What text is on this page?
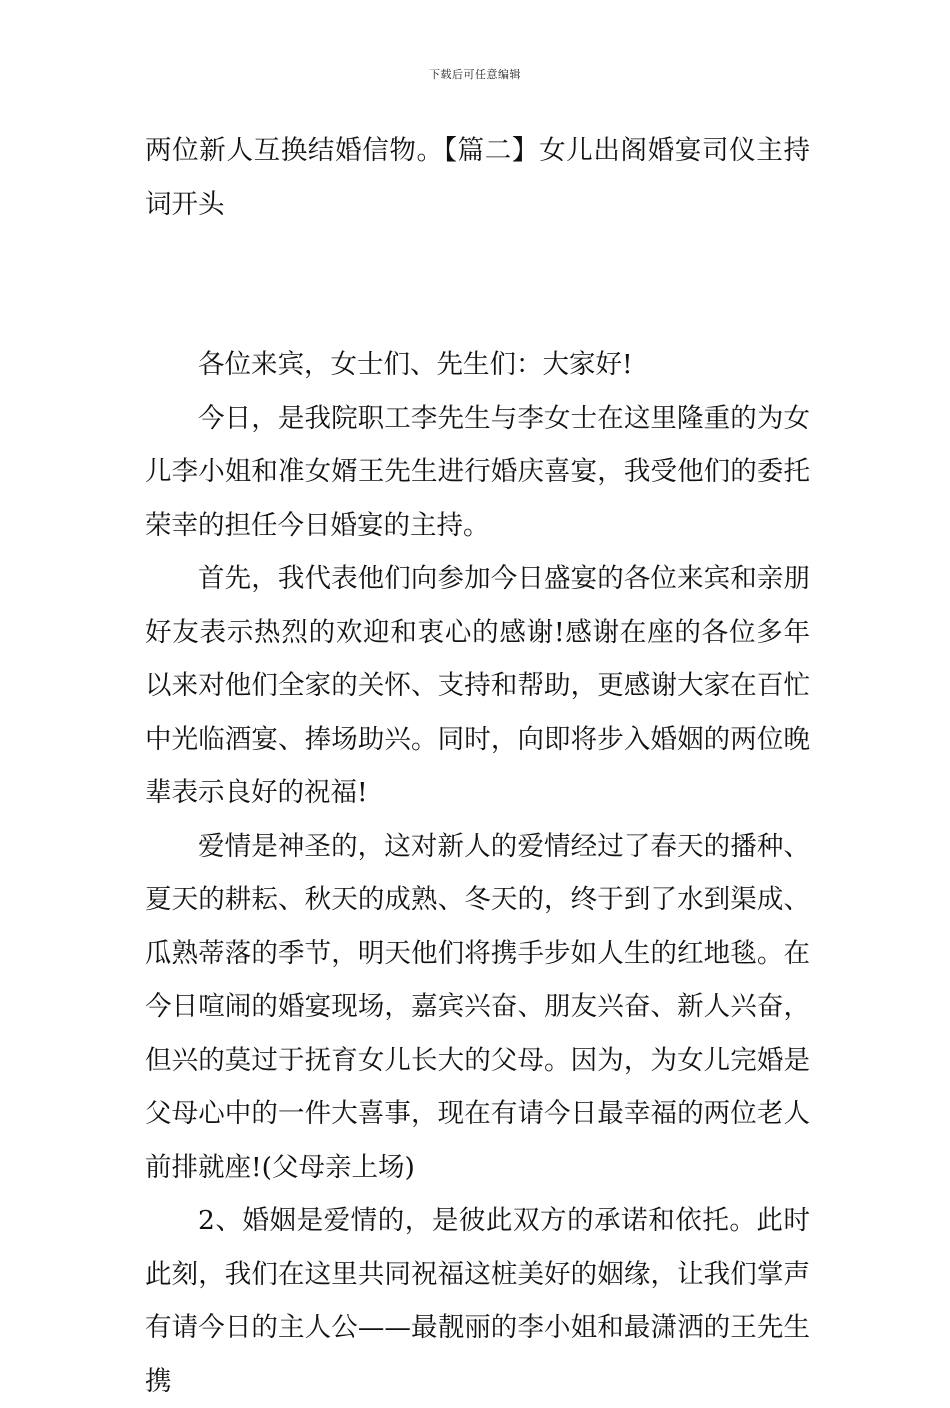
下载后可任意编辑

两位新人互换结婚信物。【篇二】女儿出阁婚宴司仪主持词开头

各位来宾，女士们、先生们：大家好!

今日，是我院职工李先生与李女士在这里隆重的为女儿李小姐和准女婿王先生进行婚庆喜宴，我受他们的委托荣幸的担任今日婚宴的主持。

首先，我代表他们向参加今日盛宴的各位来宾和亲朋好友表示热烈的欢迎和衷心的感谢!感谢在座的各位多年以来对他们全家的关怀、支持和帮助，更感谢大家在百忙中光临酒宴、捧场助兴。同时，向即将步入婚姻的两位晚辈表示良好的祝福!

爱情是神圣的，这对新人的爱情经过了春天的播种、夏天的耕耘、秋天的成熟、冬天的，终于到了水到渠成、瓜熟蒂落的季节，明天他们将携手步如人生的红地毯。在今日喧闹的婚宴现场，嘉宾兴奋、朋友兴奋、新人兴奋，但兴的莫过于抚育女儿长大的父母。因为，为女儿完婚是父母心中的一件大喜事，现在有请今日最幸福的两位老人前排就座!(父母亲上场)

2、婚姻是爱情的，是彼此双方的承诺和依托。此时此刻，我们在这里共同祝福这桩美好的姻缘，让我们掌声有请今日的主人公——最靓丽的李小姐和最潇洒的王先生携
